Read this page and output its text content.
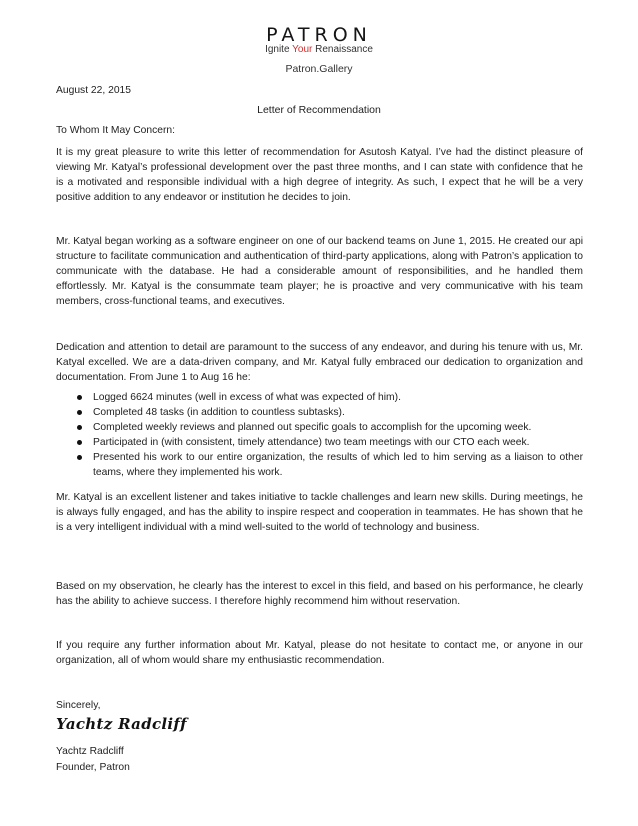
PATRON
Ignite Your Renaissance
Patron.Gallery
August 22, 2015
Letter of Recommendation
To Whom It May Concern:
It is my great pleasure to write this letter of recommendation for Asutosh Katyal. I’ve had the distinct pleasure of viewing Mr. Katyal’s professional development over the past three months, and I can state with confidence that he is a motivated and responsible individual with a high degree of integrity. As such, I expect that he will be a very positive addition to any endeavor or institution he decides to join.
Mr. Katyal began working as a software engineer on one of our backend teams on June 1, 2015. He created our api structure to facilitate communication and authentication of third-party applications, along with Patron’s application to communicate with the database. He had a considerable amount of responsibilities, and he handled them effortlessly. Mr. Katyal is the consummate team player; he is proactive and very communicative with his team members, cross-functional teams, and executives.
Dedication and attention to detail are paramount to the success of any endeavor, and during his tenure with us, Mr. Katyal excelled. We are a data-driven company, and Mr. Katyal fully embraced our dedication to organization and documentation. From June 1 to Aug 16 he:
Logged 6624 minutes (well in excess of what was expected of him).
Completed 48 tasks (in addition to countless subtasks).
Completed weekly reviews and planned out specific goals to accomplish for the upcoming week.
Participated in (with consistent, timely attendance) two team meetings with our CTO each week.
Presented his work to our entire organization, the results of which led to him serving as a liaison to other teams, where they implemented his work.
Mr. Katyal is an excellent listener and takes initiative to tackle challenges and learn new skills. During meetings, he is always fully engaged, and has the ability to inspire respect and cooperation in teammates. He has shown that he is a very intelligent individual with a mind well-suited to the world of technology and business.
Based on my observation, he clearly has the interest to excel in this field, and based on his performance, he clearly has the ability to achieve success. I therefore highly recommend him without reservation.
If you require any further information about Mr. Katyal, please do not hesitate to contact me, or anyone in our organization, all of whom would share my enthusiastic recommendation.
Sincerely,
Yachtz Radcliff
Yachtz Radcliff
Founder, Patron
